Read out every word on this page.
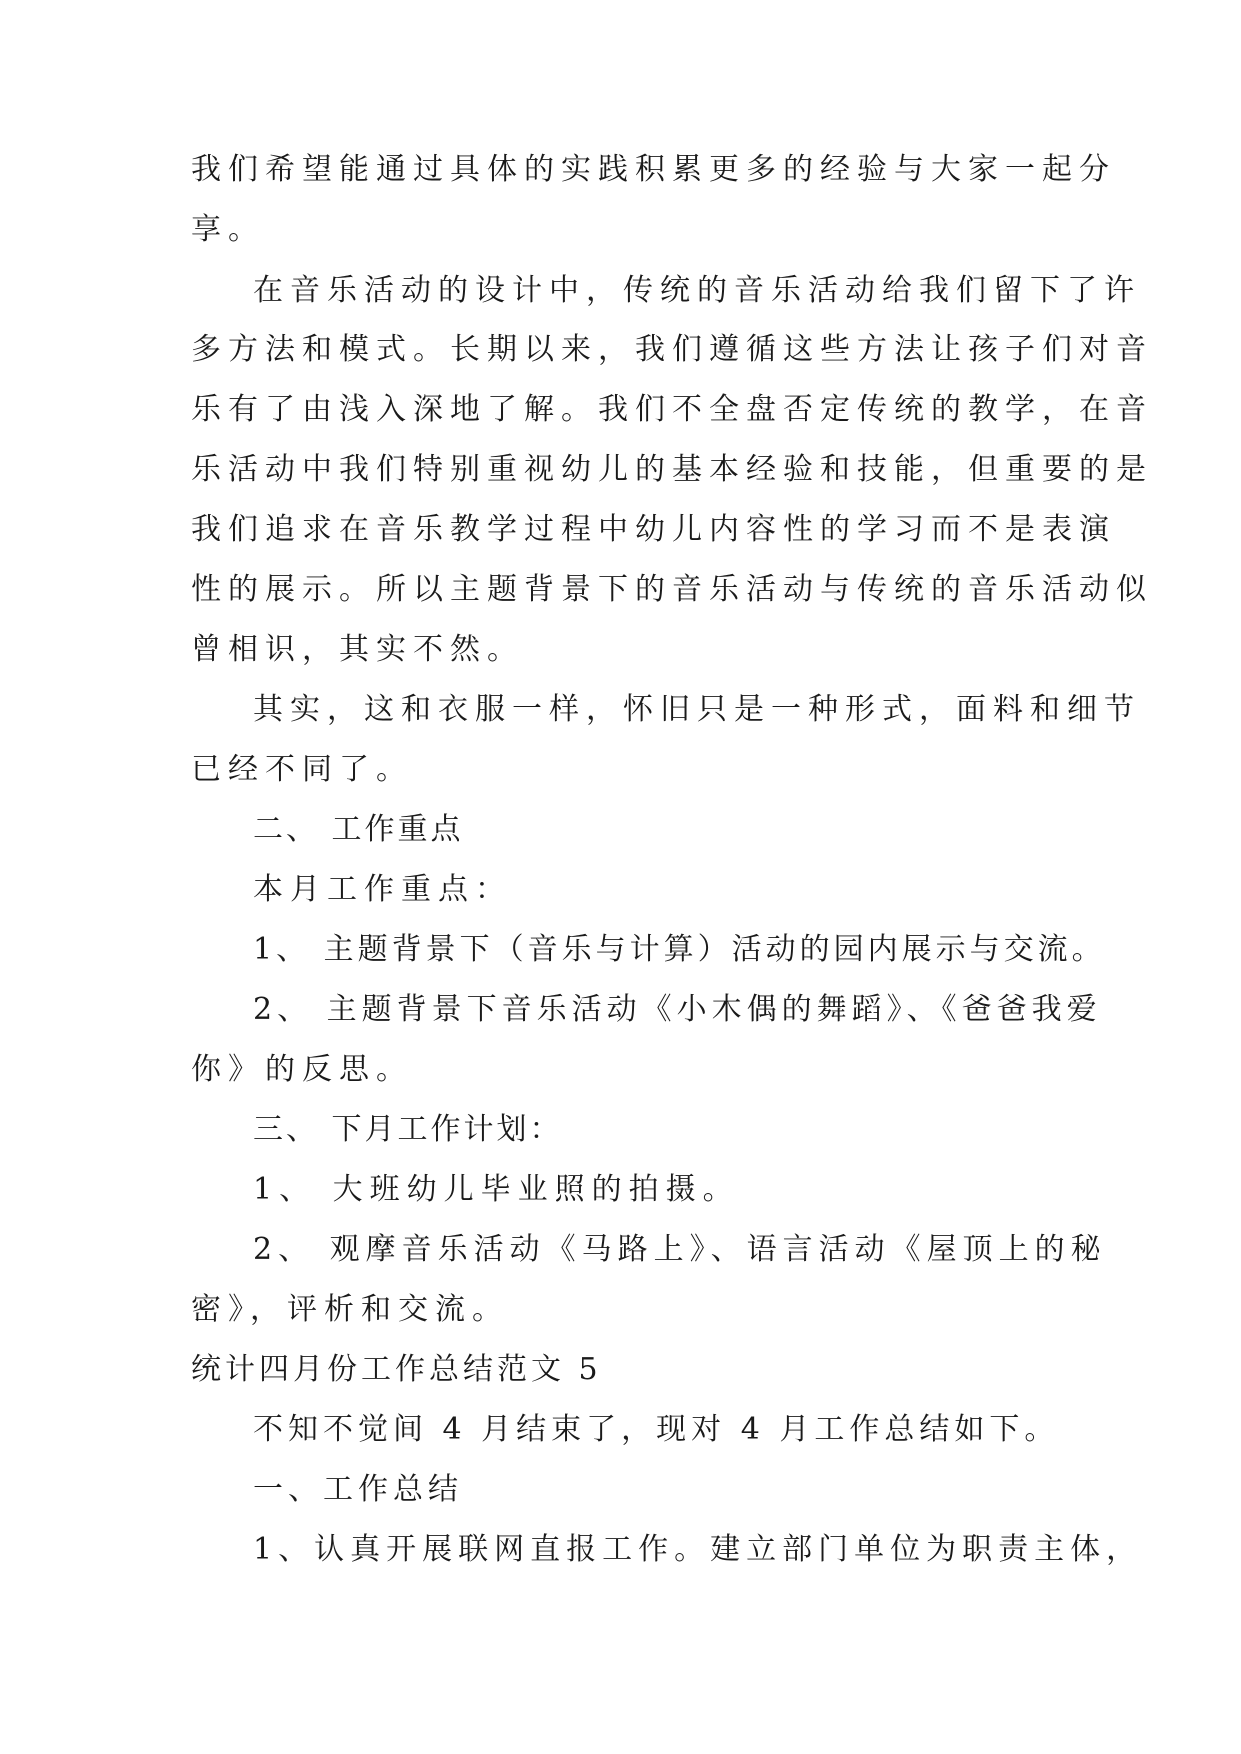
我们希望能通过具体的实践积累更多的经验与大家一起分
享。
在音乐活动的设计中，传统的音乐活动给我们留下了许
多方法和模式。长期以来，我们遵循这些方法让孩子们对音
乐有了由浅入深地了解。我们不全盘否定传统的教学，在音
乐活动中我们特别重视幼儿的基本经验和技能，但重要的是
我们追求在音乐教学过程中幼儿内容性的学习而不是表演
性的展示。所以主题背景下的音乐活动与传统的音乐活动似
曾相识，其实不然。
其实，这和衣服一样，怀旧只是一种形式，面料和细节
已经不同了。
二、 工作重点
本月工作重点：
1、 主题背景下（音乐与计算）活动的园内展示与交流。
2、 主题背景下音乐活动《小木偶的舞蹈》、《爸爸我爱
你》的反思。
三、 下月工作计划：
1、 大班幼儿毕业照的拍摄。
2、 观摩音乐活动《马路上》、语言活动《屋顶上的秘
密》，评析和交流。
统计四月份工作总结范文 5
不知不觉间 4 月结束了，现对 4 月工作总结如下。
一、工作总结
1、认真开展联网直报工作。建立部门单位为职责主体，
